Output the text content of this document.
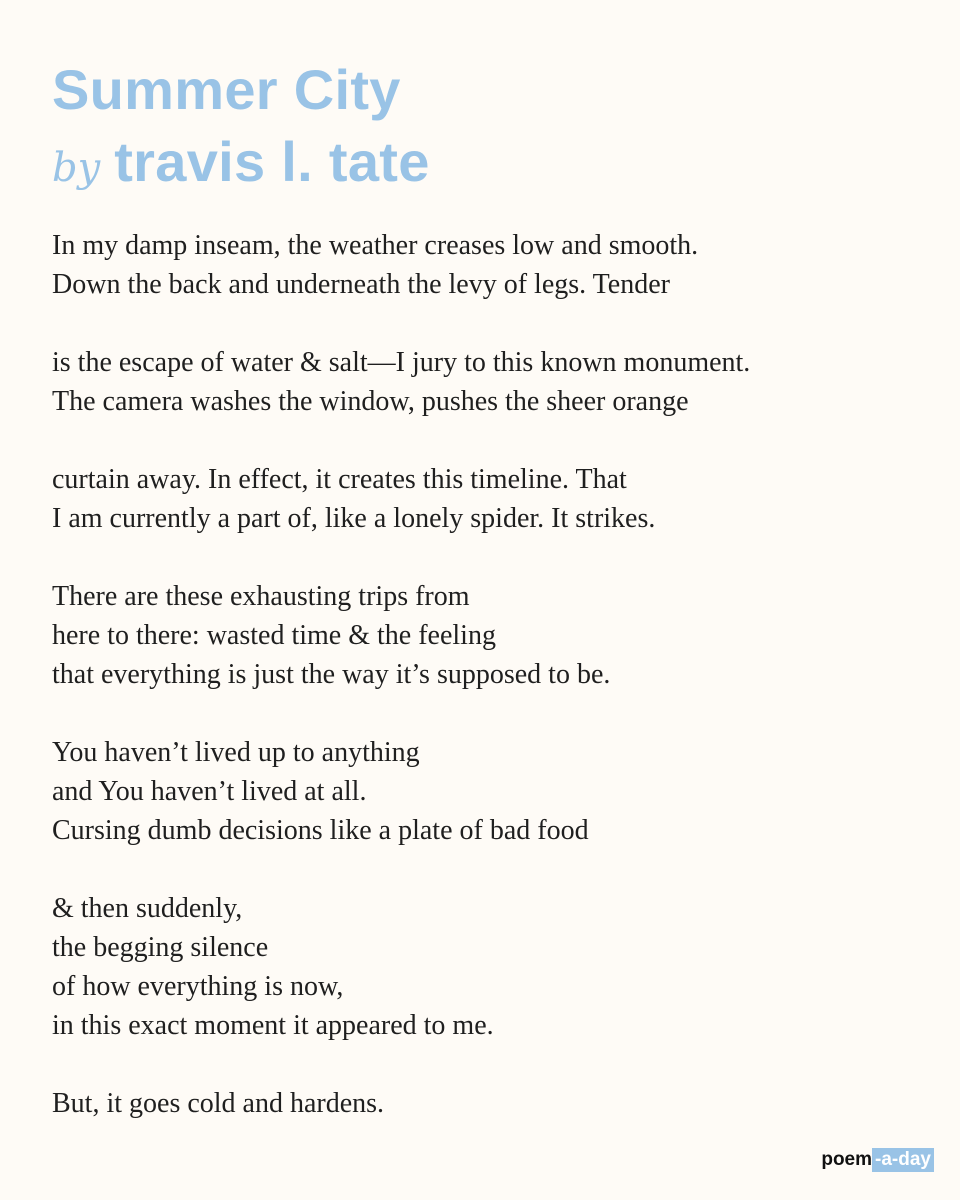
Summer City
by travis l. tate
In my damp inseam, the weather creases low and smooth.
Down the back and underneath the levy of legs. Tender
is the escape of water & salt—I jury to this known monument.
The camera washes the window, pushes the sheer orange
curtain away. In effect, it creates this timeline. That
I am currently a part of, like a lonely spider. It strikes.
There are these exhausting trips from
here to there: wasted time & the feeling
that everything is just the way it’s supposed to be.
You haven’t lived up to anything
and You haven’t lived at all.
Cursing dumb decisions like a plate of bad food
& then suddenly,
the begging silence
of how everything is now,
in this exact moment it appeared to me.
But, it goes cold and hardens.
poem -a-day
